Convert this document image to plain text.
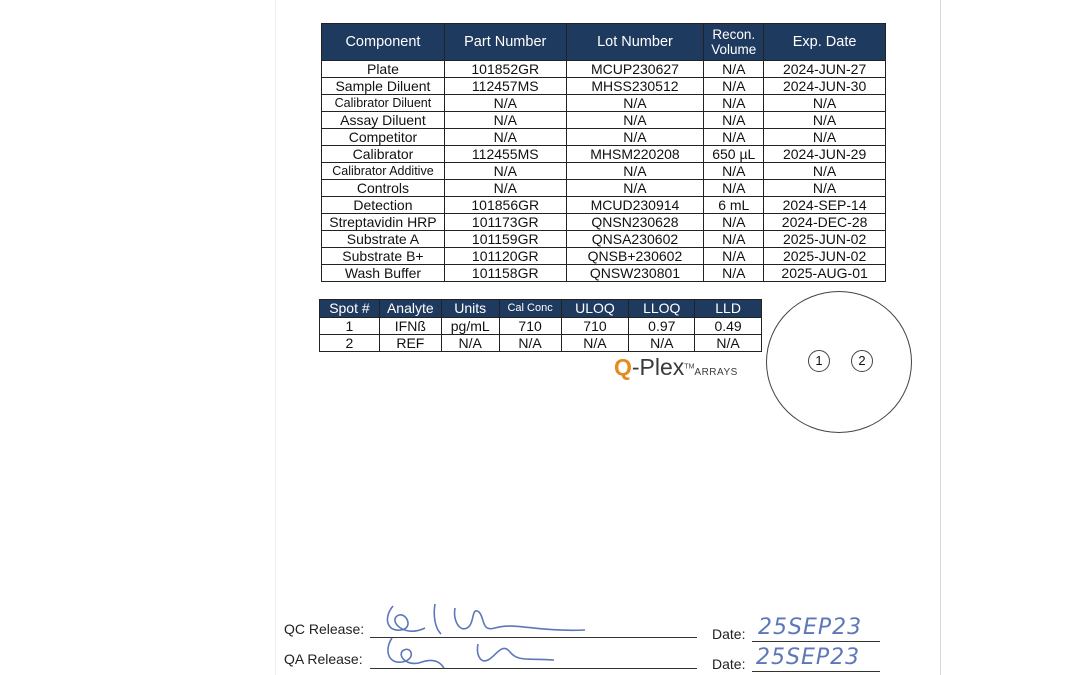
Component	Part Number	Lot Number	Recon. Volume	Exp. Date
Plate	101852GR	MCUP230627	N/A	2024-JUN-27
Sample Diluent	112457MS	MHSS230512	N/A	2024-JUN-30
Calibrator Diluent	N/A	N/A	N/A	N/A
Assay Diluent	N/A	N/A	N/A	N/A
Competitor	N/A	N/A	N/A	N/A
Calibrator	112455MS	MHSM220208	650 µL	2024-JUN-29
Calibrator Additive	N/A	N/A	N/A	N/A
Controls	N/A	N/A	N/A	N/A
Detection	101856GR	MCUD230914	6 mL	2024-SEP-14
Streptavidin HRP	101173GR	QNSN230628	N/A	2024-DEC-28
Substrate A	101159GR	QNSA230602	N/A	2025-JUN-02
Substrate B+	101120GR	QNSB+230602	N/A	2025-JUN-02
Wash Buffer	101158GR	QNSW230801	N/A	2025-AUG-01
Spot #	Analyte	Units	Cal Conc	ULOQ	LLOQ	LLD
1	IFNß	pg/mL	710	710	0.97	0.49
2	REF	N/A	N/A	N/A	N/A	N/A
Q-Plex™ARRAYS
1	2
QC Release:	Date: 25SEP23
QA Release:	Date: 25SEP23
